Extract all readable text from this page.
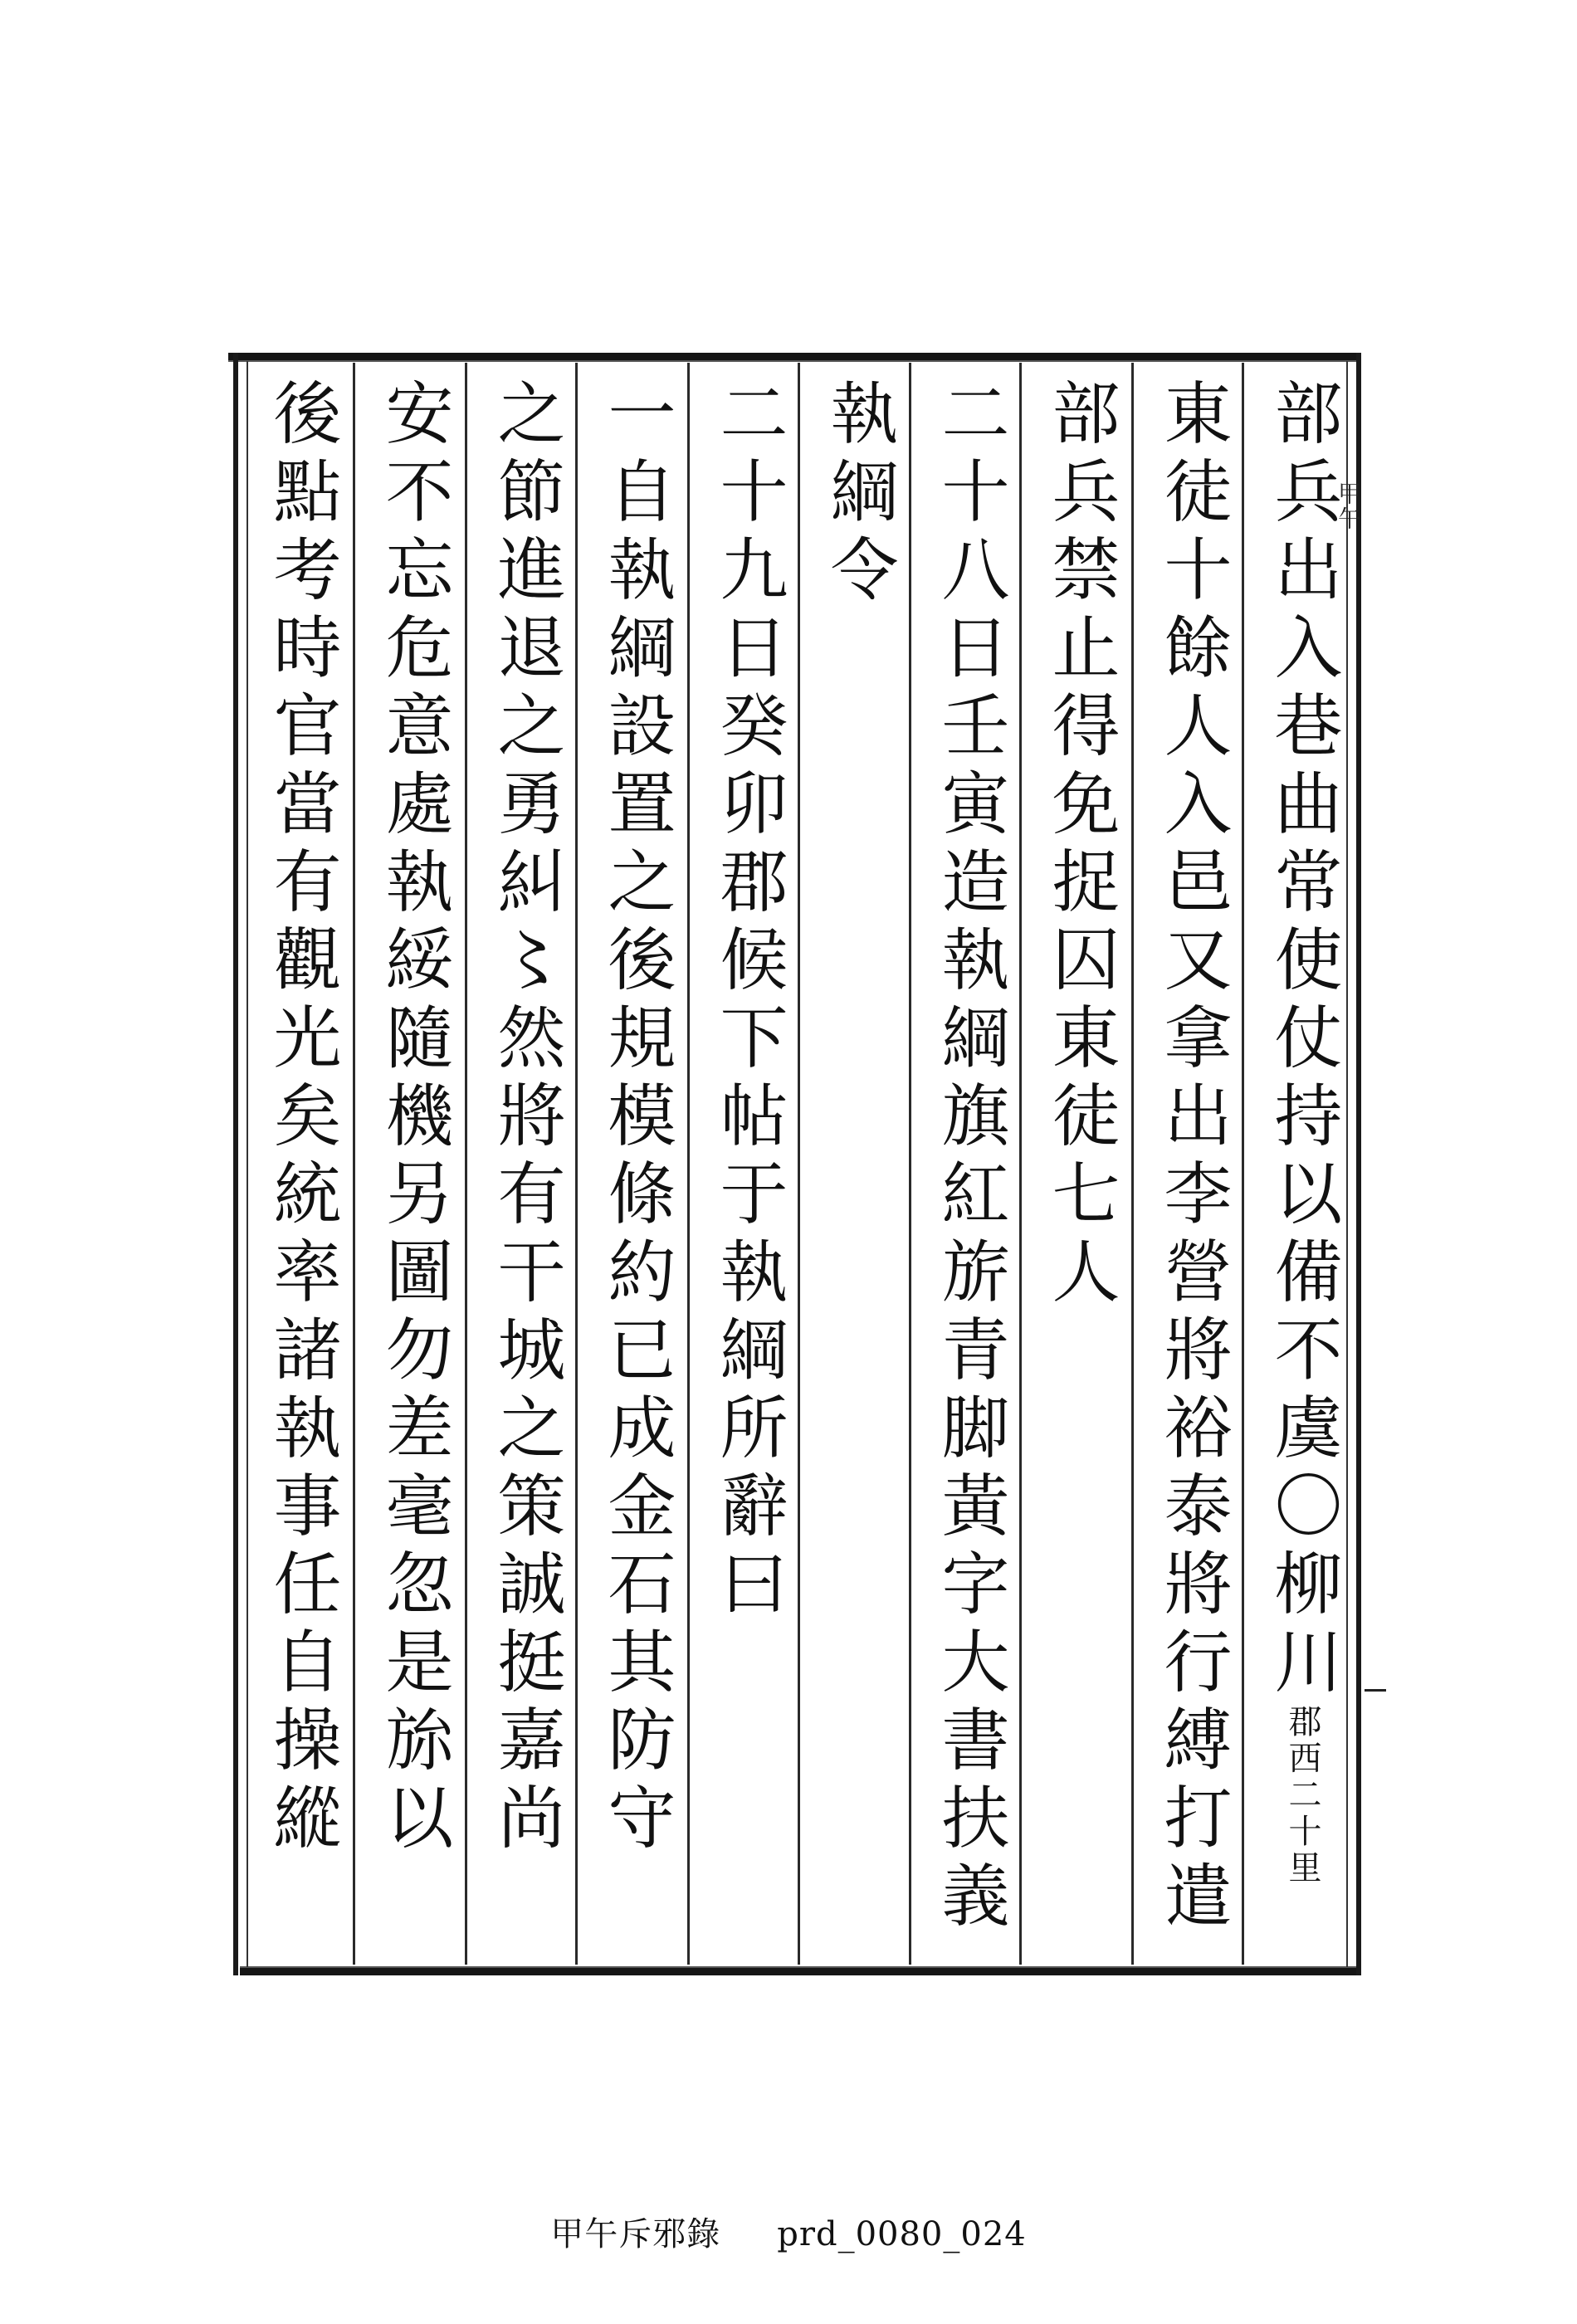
部兵出入巷曲常使仗持以備不虞〇柳川郡西二十里
東徒十餘人入邑又拿出李營將裕泰將行縛打遣
部兵禁止得免捉囚東徒七人
二十八日壬寅造執綱旗紅旂青脚黃字大書扶義
執綱令
二十九日癸卯郡候下帖于執綱所辭曰
一自執綱設置之後規模條約已成金石其防守
之節進退之勇糾〻然將有干城之策誠挺嘉尚
安不忘危意處執綏隨機另圖勿差毫忽是旀以
後點考時官當有觀光矣統率諸執事任自操縱	甲午
甲午斥邪錄 prd_0080_024
